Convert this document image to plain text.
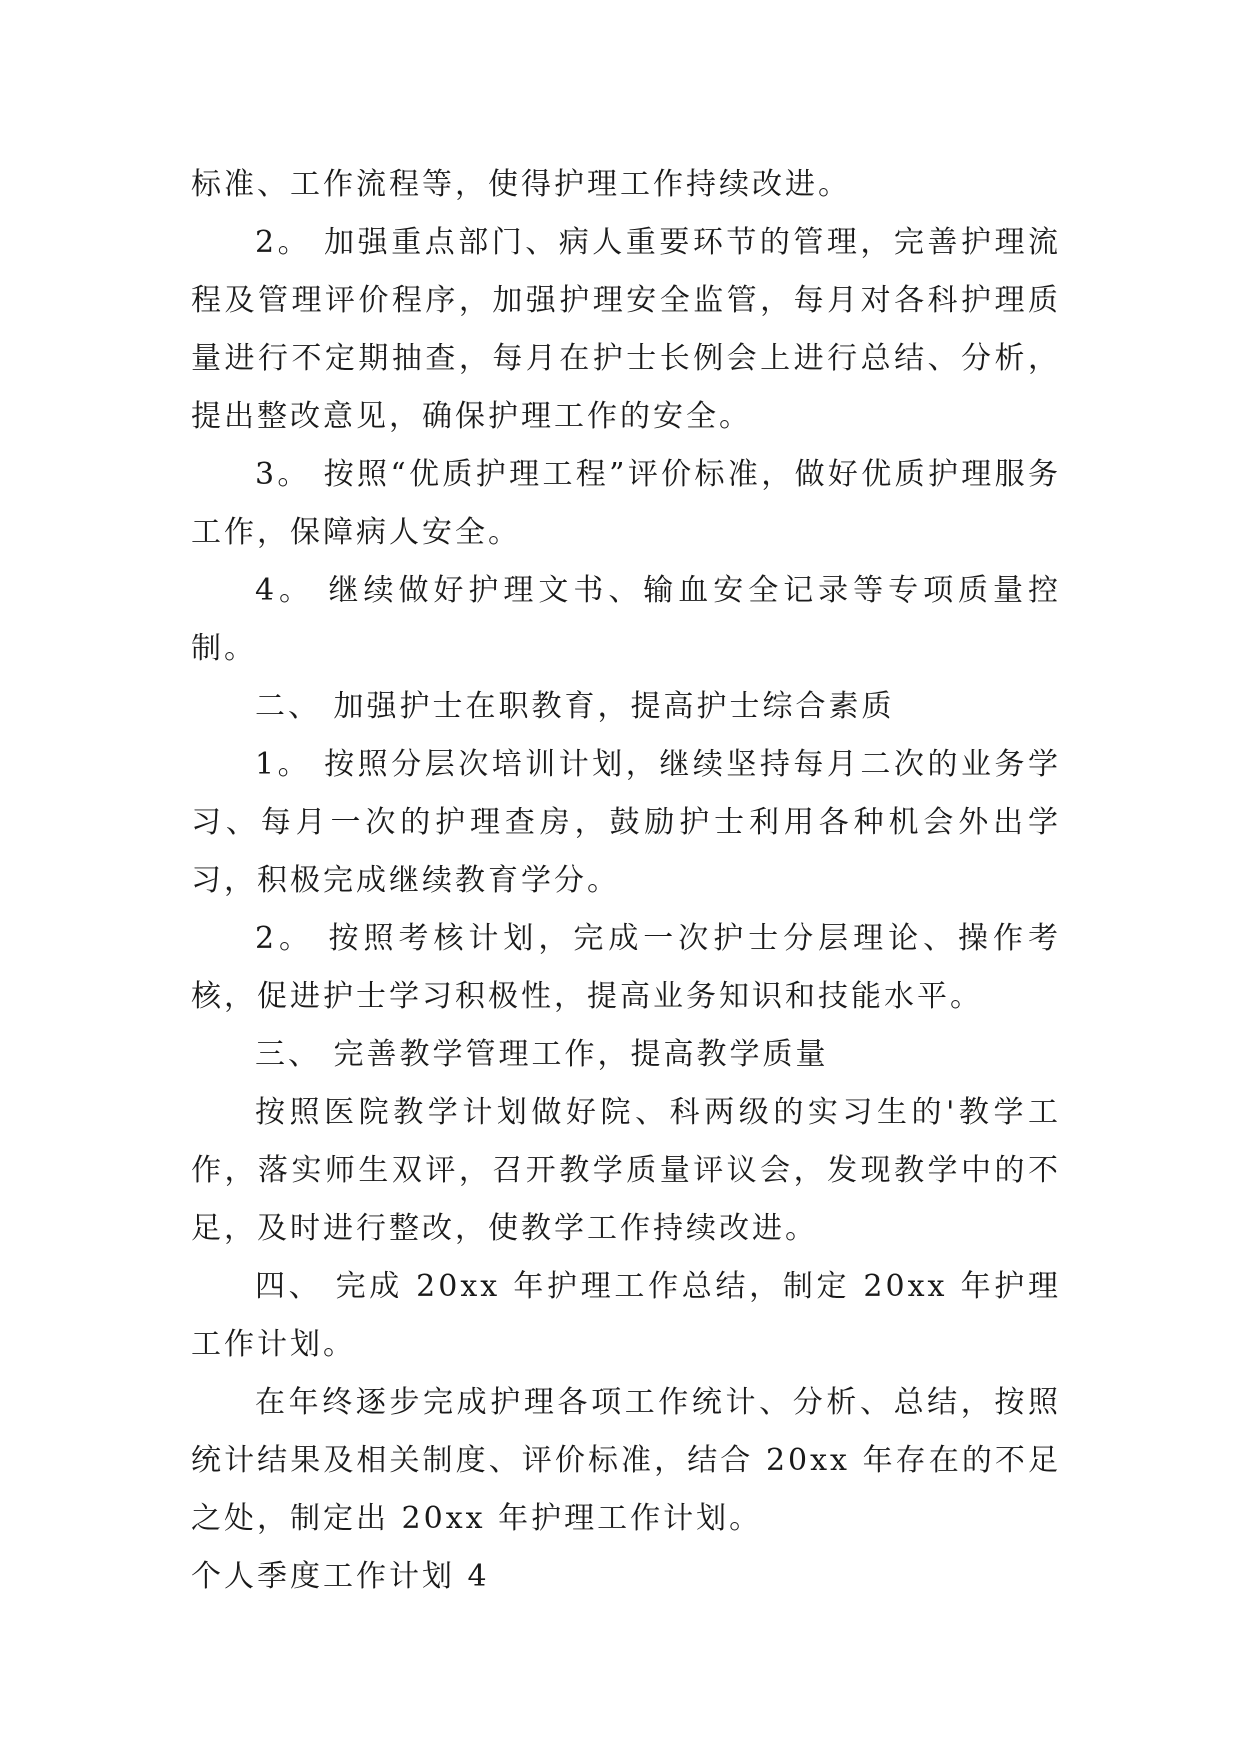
标准、工作流程等，使得护理工作持续改进。

2。 加强重点部门、病人重要环节的管理，完善护理流程及管理评价程序，加强护理安全监管，每月对各科护理质量进行不定期抽查，每月在护士长例会上进行总结、分析，提出整改意见，确保护理工作的安全。

3。 按照“优质护理工程”评价标准，做好优质护理服务工作，保障病人安全。

4。 继续做好护理文书、输血安全记录等专项质量控制。

二、 加强护士在职教育，提高护士综合素质

1。 按照分层次培训计划，继续坚持每月二次的业务学习、每月一次的护理查房，鼓励护士利用各种机会外出学习，积极完成继续教育学分。

2。 按照考核计划，完成一次护士分层理论、操作考核，促进护士学习积极性，提高业务知识和技能水平。

三、 完善教学管理工作，提高教学质量

按照医院教学计划做好院、科两级的实习生的'教学工作，落实师生双评，召开教学质量评议会，发现教学中的不足，及时进行整改，使教学工作持续改进。

四、 完成 20xx 年护理工作总结，制定 20xx 年护理工作计划。

在年终逐步完成护理各项工作统计、分析、总结，按照统计结果及相关制度、评价标准，结合 20xx 年存在的不足之处，制定出 20xx 年护理工作计划。

个人季度工作计划 4
